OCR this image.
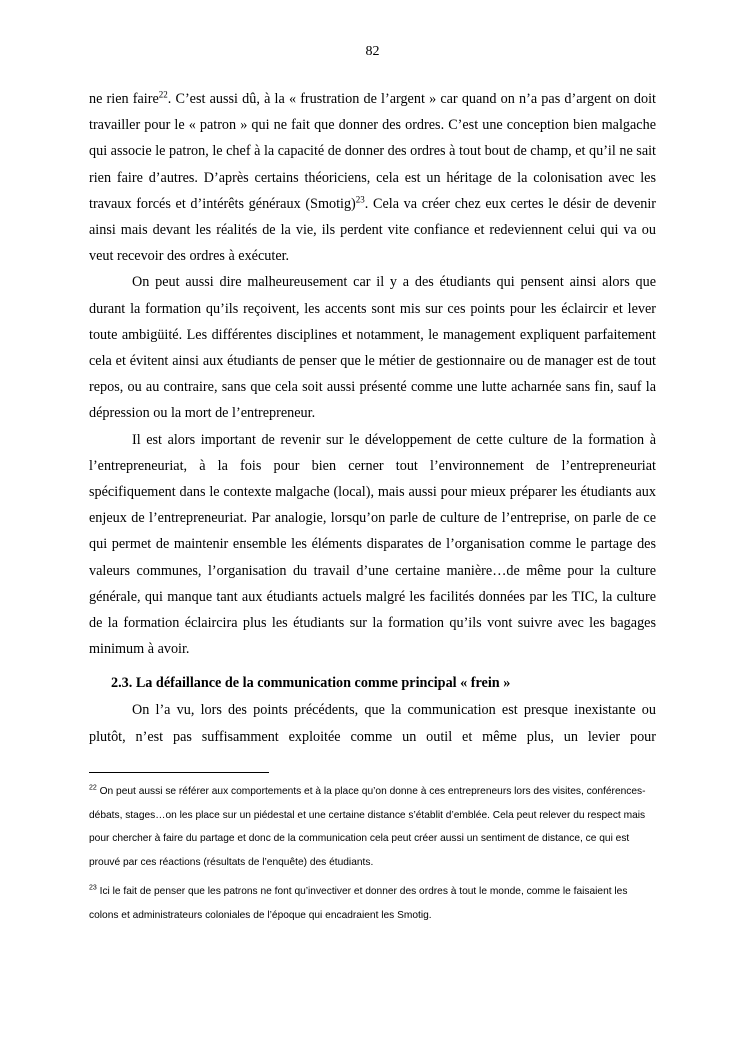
82

ne rien faire$^{22}$. C’est aussi dû, à la « frustration de l’argent » car quand on n’a pas d’argent on doit travailler pour le « patron » qui ne fait que donner des ordres. C’est une conception bien malgache qui associe le patron, le chef à la capacité de donner des ordres à tout bout de champ, et qu’il ne sait rien faire d’autres. D’après certains théoriciens, cela est un héritage de la colonisation avec les travaux forcés et d’intérêts généraux (Smotig)$^{23}$. Cela va créer chez eux certes le désir de devenir ainsi mais devant les réalités de la vie, ils perdent vite confiance et redeviennent celui qui va ou veut recevoir des ordres à exécuter.

On peut aussi dire malheureusement car il y a des étudiants qui pensent ainsi alors que durant la formation qu’ils reçoivent, les accents sont mis sur ces points pour les éclaircir et lever toute ambigüité. Les différentes disciplines et notamment, le management expliquent parfaitement cela et évitent ainsi aux étudiants de penser que le métier de gestionnaire ou de manager est de tout repos, ou au contraire, sans que cela soit aussi présenté comme une lutte acharnée sans fin, sauf la dépression ou la mort de l’entrepreneur.

Il est alors important de revenir sur le développement de cette culture de la formation à l’entrepreneuriat, à la fois pour bien cerner tout l’environnement de l’entrepreneuriat spécifiquement dans le contexte malgache (local), mais aussi pour mieux préparer les étudiants aux enjeux de l’entrepreneuriat. Par analogie, lorsqu’on parle de culture de l’entreprise, on parle de ce qui permet de maintenir ensemble les éléments disparates de l’organisation comme le partage des valeurs communes, l’organisation du travail d’une certaine manière…de même pour la culture générale, qui manque tant aux étudiants actuels malgré les facilités données par les TIC, la culture de la formation éclaircira plus les étudiants sur la formation qu’ils vont suivre avec les bagages minimum à avoir.

2.3. La défaillance de la communication comme principal « frein »

On l’a vu, lors des points précédents, que la communication est presque inexistante ou plutôt, n’est pas suffisamment exploitée comme un outil et même plus, un levier pour

$^{22}$ On peut aussi se référer aux comportements et à la place qu’on donne à ces entrepreneurs lors des visites, conférences-débats, stages…on les place sur un piédestal et une certaine distance s’établit d’emblée. Cela peut relever du respect mais pour chercher à faire du partage et donc de la communication cela peut créer aussi un sentiment de distance, ce qui est prouvé par ces réactions (résultats de l’enquête) des étudiants.

$^{23}$ Ici le fait de penser que les patrons ne font qu’invectiver et donner des ordres à tout le monde, comme le faisaient les colons et administrateurs coloniales de l’époque qui encadraient les Smotig.
